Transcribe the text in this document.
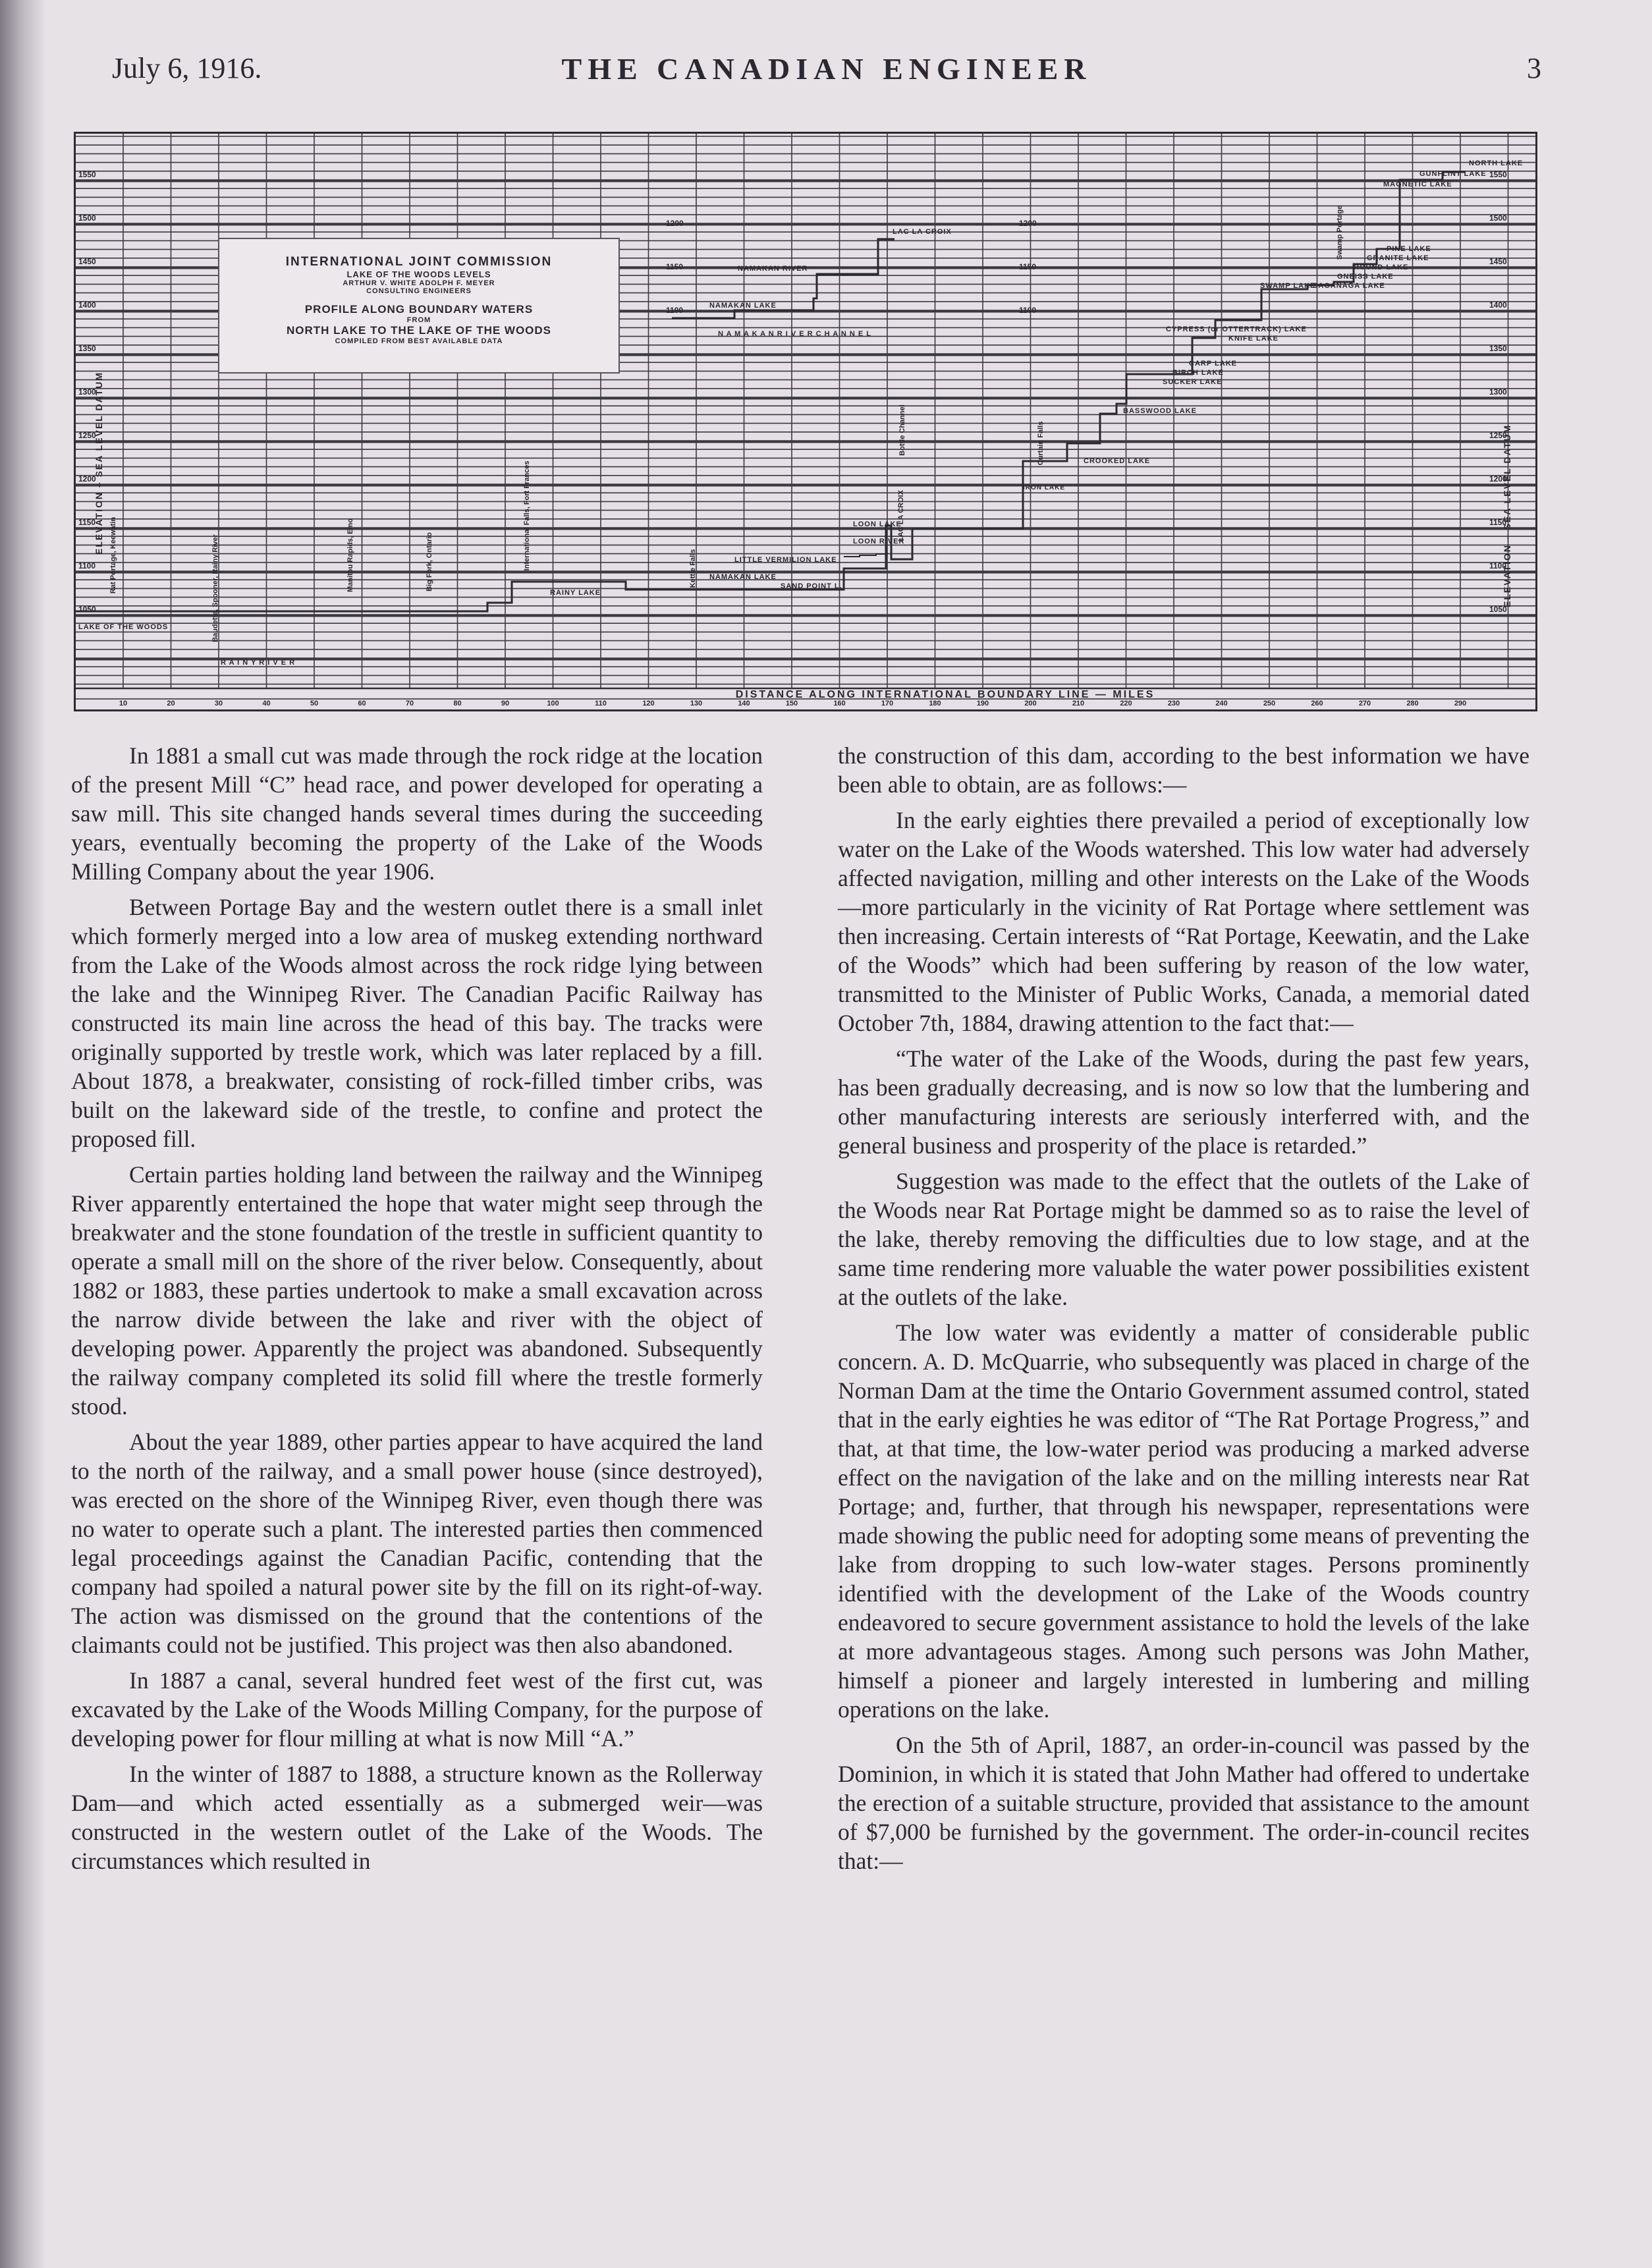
July 6, 1916.	THE CANADIAN ENGINEER	3
10	20	30	40	50	60	70	80	90	100	110	120	130	140	150	160	170	180	190	200	210	220	230	240	250	260	270	280	290
1550
1500
1450
1400
1350
1300
1250
1200
1150
1100
1050
1550
1500
1450
1400
1350
1300
1250
1200
1150
1100
1050
1200	1200
1150	1150
1100	1100
DISTANCE ALONG INTERNATIONAL BOUNDARY LINE — MILES
ELEVATION – SEA LEVEL DATUM	ELEVATION – SEA LEVEL DATUM
NORTH LAKE
GUNFLINT LAKE
MAGNETIC LAKE
PINE LAKE
GRANITE LAKE
ROUND LAKE
GNEISS LAKE
SWAMP LAKE
SAGANAGA LAKE
CYPRESS (or OTTERTRACK) LAKE
KNIFE LAKE
CARP LAKE
BIRCH LAKE
SUCKER LAKE
BASSWOOD LAKE
CROOKED LAKE
LAC LA CROIX
NAMAKAN RIVER
NAMAKAN LAKE
N A M A K A N R I V E R C H A N N E L
LOON LAKE
LOON RIVER
LITTLE VERMILION LAKE
NAMAKAN LAKE
SAND POINT L.
RAINY LAKE
R A I N Y R I V E R
LAKE OF THE WOODS
IRON LAKE
Swamp Portage
Curtain Falls
Bottle Channel
LAC LA CROIX
Kettle Falls
International Falls, Fort Frances
Big Fork, Ontario
Manitou Rapids, Emo
Baudette, Spooner, Rainy River
Rat Portage, Keewatin
INTERNATIONAL JOINT COMMISSION
LAKE OF THE WOODS LEVELS
ARTHUR V. WHITE ADOLPH F. MEYER
CONSULTING ENGINEERS
PROFILE ALONG BOUNDARY WATERS
FROM
NORTH LAKE TO THE LAKE OF THE WOODS
COMPILED FROM BEST AVAILABLE DATA

In 1881 a small cut was made through the rock ridge at the location of the present Mill “C” head race, and power developed for operating a saw mill. This site changed hands several times during the succeeding years, eventually becoming the property of the Lake of the Woods Milling Company about the year 1906.

Between Portage Bay and the western outlet there is a small inlet which formerly merged into a low area of muskeg extending northward from the Lake of the Woods almost across the rock ridge lying between the lake and the Winnipeg River. The Canadian Pacific Railway has constructed its main line across the head of this bay. The tracks were originally supported by trestle work, which was later replaced by a fill. About 1878, a breakwater, consisting of rock-filled timber cribs, was built on the lakeward side of the trestle, to confine and protect the proposed fill.

Certain parties holding land between the railway and the Winnipeg River apparently entertained the hope that water might seep through the breakwater and the stone foundation of the trestle in sufficient quantity to operate a small mill on the shore of the river below. Consequently, about 1882 or 1883, these parties undertook to make a small excavation across the narrow divide between the lake and river with the object of developing power. Apparently the project was abandoned. Subsequently the railway company completed its solid fill where the trestle formerly stood.

About the year 1889, other parties appear to have acquired the land to the north of the railway, and a small power house (since destroyed), was erected on the shore of the Winnipeg River, even though there was no water to operate such a plant. The interested parties then commenced legal proceedings against the Canadian Pacific, contending that the company had spoiled a natural power site by the fill on its right-of-way. The action was dismissed on the ground that the contentions of the claimants could not be justified. This project was then also abandoned.

In 1887 a canal, several hundred feet west of the first cut, was excavated by the Lake of the Woods Milling Company, for the purpose of developing power for flour milling at what is now Mill “A.”

In the winter of 1887 to 1888, a structure known as the Rollerway Dam—and which acted essentially as a submerged weir—was constructed in the western outlet of the Lake of the Woods. The circumstances which resulted in

the construction of this dam, according to the best information we have been able to obtain, are as follows:—

In the early eighties there prevailed a period of exceptionally low water on the Lake of the Woods watershed. This low water had adversely affected navigation, milling and other interests on the Lake of the Woods—more particularly in the vicinity of Rat Portage where settlement was then increasing. Certain interests of “Rat Portage, Keewatin, and the Lake of the Woods” which had been suffering by reason of the low water, transmitted to the Minister of Public Works, Canada, a memorial dated October 7th, 1884, drawing attention to the fact that:—

“The water of the Lake of the Woods, during the past few years, has been gradually decreasing, and is now so low that the lumbering and other manufacturing interests are seriously interferred with, and the general business and prosperity of the place is retarded.”

Suggestion was made to the effect that the outlets of the Lake of the Woods near Rat Portage might be dammed so as to raise the level of the lake, thereby removing the difficulties due to low stage, and at the same time rendering more valuable the water power possibilities existent at the outlets of the lake.

The low water was evidently a matter of considerable public concern. A. D. McQuarrie, who subsequently was placed in charge of the Norman Dam at the time the Ontario Government assumed control, stated that in the early eighties he was editor of “The Rat Portage Progress,” and that, at that time, the low-water period was producing a marked adverse effect on the navigation of the lake and on the milling interests near Rat Portage; and, further, that through his newspaper, representations were made showing the public need for adopting some means of preventing the lake from dropping to such low-water stages. Persons prominently identified with the development of the Lake of the Woods country endeavored to secure government assistance to hold the levels of the lake at more advantageous stages. Among such persons was John Mather, himself a pioneer and largely interested in lumbering and milling operations on the lake.

On the 5th of April, 1887, an order-in-council was passed by the Dominion, in which it is stated that John Mather had offered to undertake the erection of a suitable structure, provided that assistance to the amount of $7,000 be furnished by the government. The order-in-council recites that:—
